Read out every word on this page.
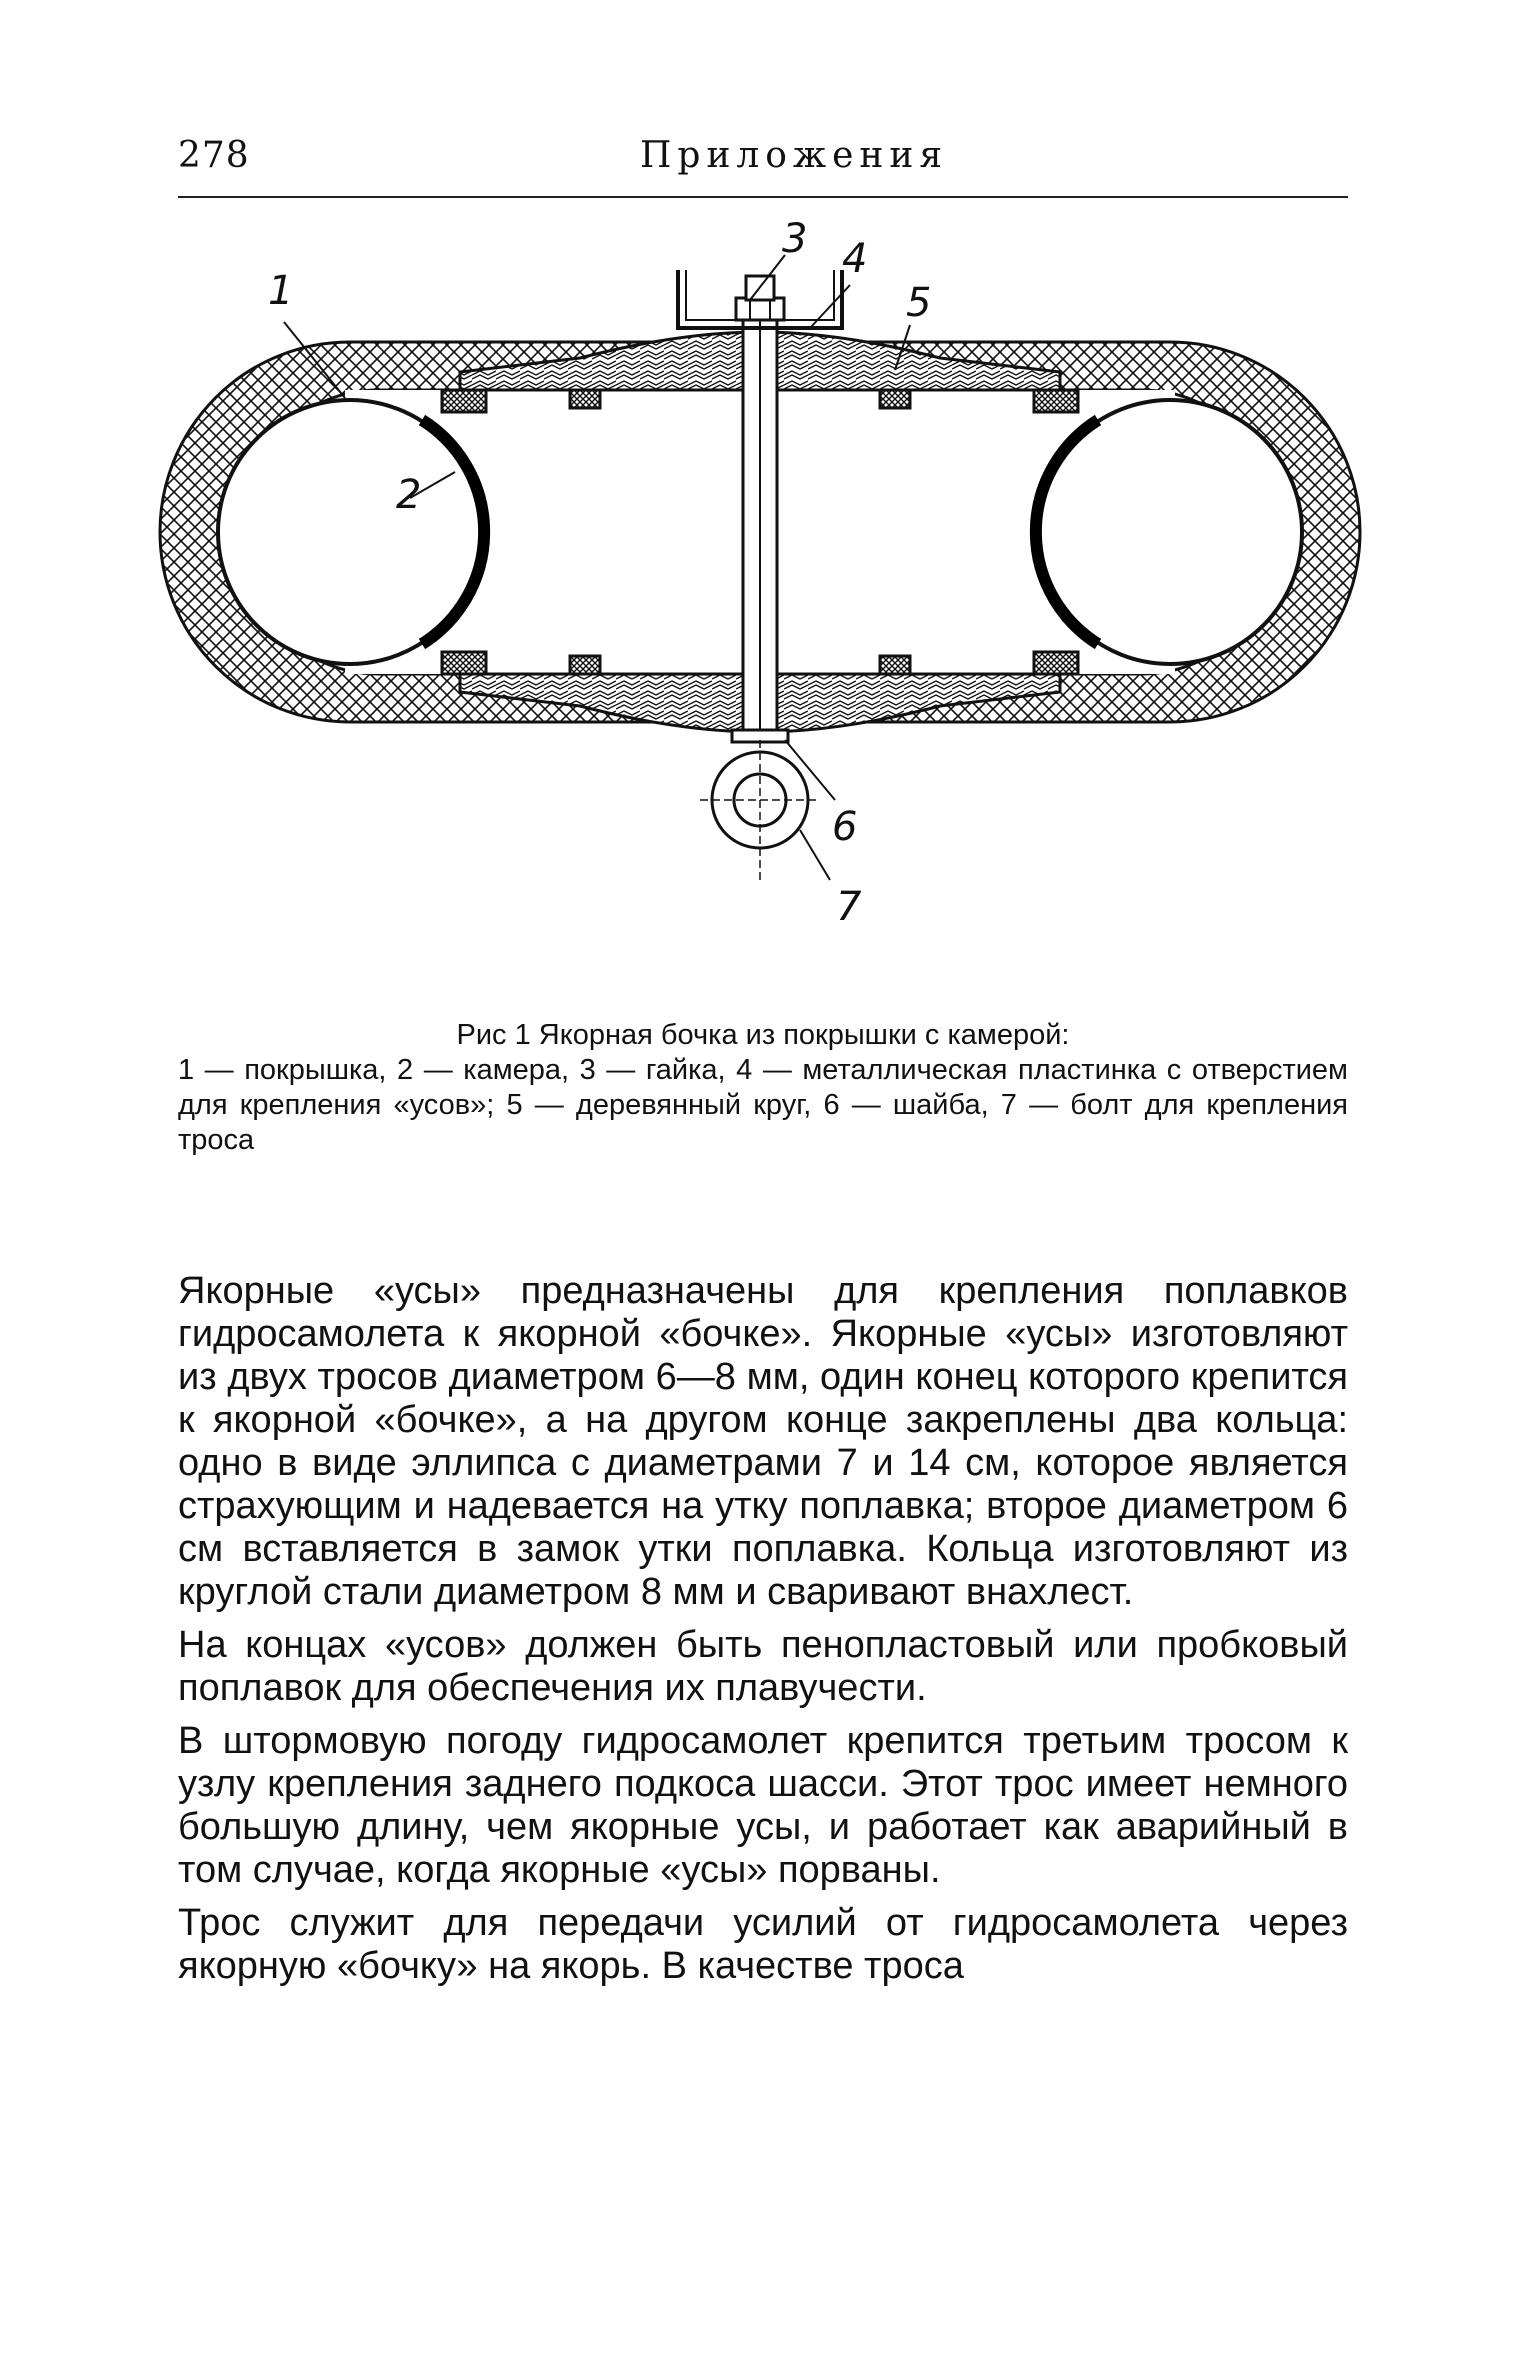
278	Приложения
1
2
3 4
5
6
7
Рис 1 Якорная бочка из покрышки с камерой:
1 — покрышка, 2 — камера, 3 — гайка, 4 — металлическая пластинка с отверстием для крепления «усов»; 5 — деревянный круг, 6 — шайба, 7 — болт для крепления троса

Якорные «усы» предназначены для крепления поплавков гидросамолета к якорной «бочке». Якорные «усы» изготовляют из двух тросов диаметром 6—8 мм, один конец которого крепится к якорной «бочке», а на другом конце закреплены два кольца: одно в виде эллипса с диаметрами 7 и 14 см, которое является страхующим и надевается на утку поплавка; второе диаметром 6 см вставляется в замок утки поплавка. Кольца изготовляют из круглой стали диаметром 8 мм и сваривают внахлест.

На концах «усов» должен быть пенопластовый или пробковый поплавок для обеспечения их плавучести.

В штормовую погоду гидросамолет крепится третьим тросом к узлу крепления заднего подкоса шасси. Этот трос имеет немного большую длину, чем якорные усы, и работает как аварийный в том случае, когда якорные «усы» порваны.

Трос служит для передачи усилий от гидросамолета через якорную «бочку» на якорь. В качестве троса
